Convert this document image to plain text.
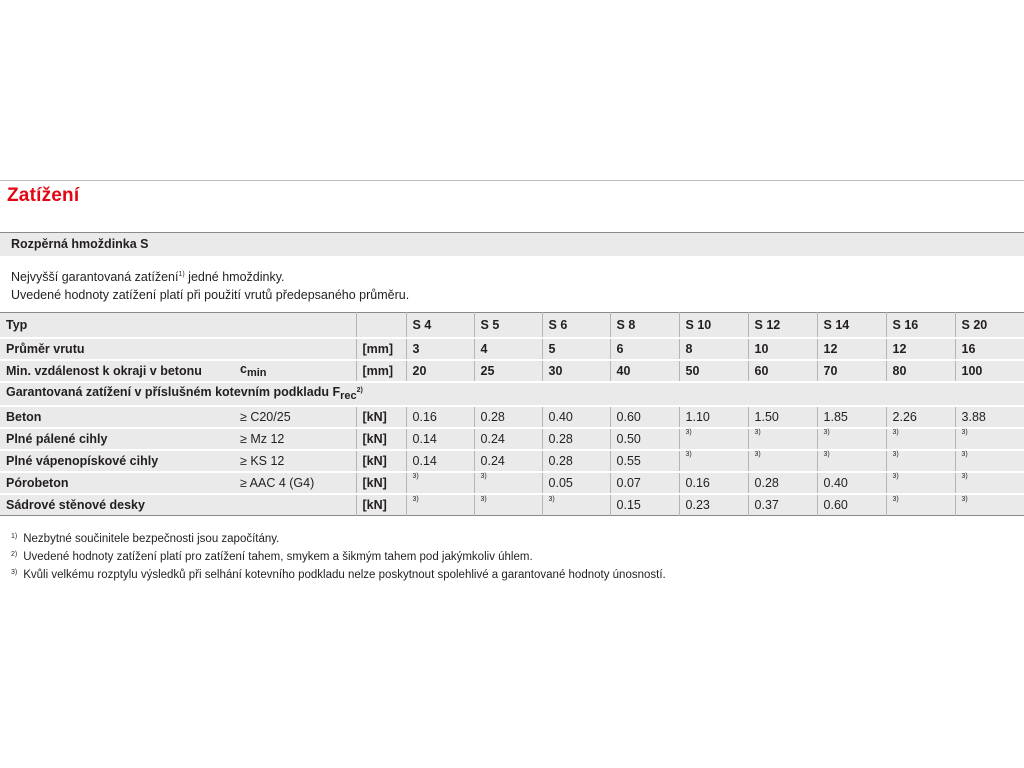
Zatížení
Rozpěrná hmoždinka S
Nejvyšší garantovaná zatížení$^{1)}$ jedné hmoždinky.
Uvedené hodnoty zatížení platí při použití vrutů předepsaného průměru.
Typ			S 4	S 5	S 6	S 8	S 10	S 12	S 14	S 16	S 20
Průměr vrutu		[mm]	3	4	5	6	8	10	12	12	16
Min. vzdálenost k okraji v betonu	cmin	[mm]	20	25	30	40	50	60	70	80	100
Garantovaná zatížení v příslušném kotevním podkladu Frec$^{2)}$
Beton	≥ C20/25	[kN]	0.16	0.28	0.40	0.60	1.10	1.50	1.85	2.26	3.88
Plné pálené cihly	≥ Mz 12	[kN]	0.14	0.24	0.28	0.50	$^{3)}$	$^{3)}$	$^{3)}$	$^{3)}$	$^{3)}$
Plné vápenopískové cihly	≥ KS 12	[kN]	0.14	0.24	0.28	0.55	$^{3)}$	$^{3)}$	$^{3)}$	$^{3)}$	$^{3)}$
Pórobeton	≥ AAC 4 (G4)	[kN]	$^{3)}$	$^{3)}$	0.05	0.07	0.16	0.28	0.40	$^{3)}$	$^{3)}$
Sádrové stěnové desky		[kN]	$^{3)}$	$^{3)}$	$^{3)}$	0.15	0.23	0.37	0.60	$^{3)}$	$^{3)}$
$^{1)}$ Nezbytné součinitele bezpečnosti jsou započítány.
$^{2)}$ Uvedené hodnoty zatížení platí pro zatížení tahem, smykem a šikmým tahem pod jakýmkoliv úhlem.
$^{3)}$ Kvůli velkému rozptylu výsledků při selhání kotevního podkladu nelze poskytnout spolehlivé a garantované hodnoty únosností.
